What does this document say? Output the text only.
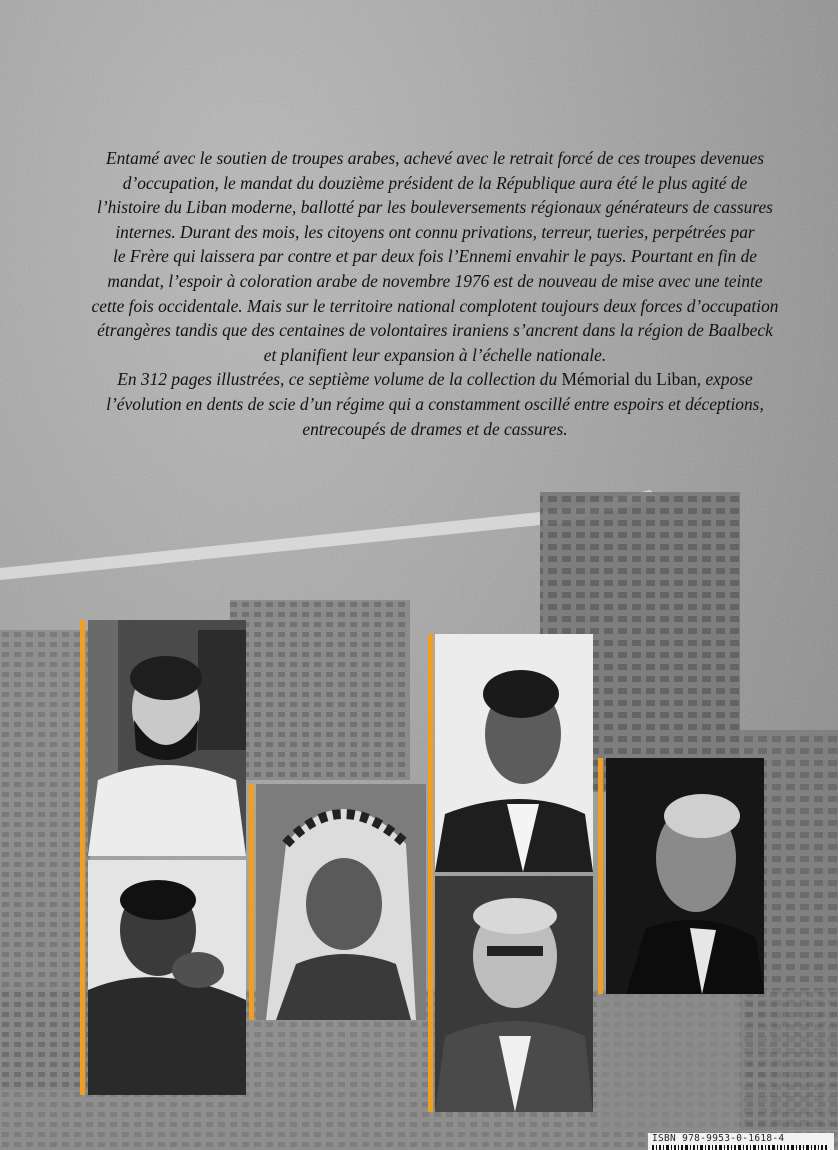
Entamé avec le soutien de troupes arabes, achevé avec le retrait forcé de ces troupes devenues

d’occupation, le mandat du douzième président de la République aura été le plus agité de

l’histoire du Liban moderne, ballotté par les bouleversements régionaux générateurs de cassures

internes. Durant des mois, les citoyens ont connu privations, terreur, tueries, perpétrées par

le Frère qui laissera par contre et par deux fois l’Ennemi envahir le pays. Pourtant en fin de

mandat, l’espoir à coloration arabe de novembre 1976 est de nouveau de mise avec une teinte

cette fois occidentale. Mais sur le territoire national complotent toujours deux forces d’occupation

étrangères tandis que des centaines de volontaires iraniens s’ancrent dans la région de Baalbeck

et planifient leur expansion à l’échelle nationale.

En 312 pages illustrées, ce septième volume de la collection du Mémorial du Liban, expose

l’évolution en dents de scie d’un régime qui a constamment oscillé entre espoirs et déceptions,

entrecoupés de drames et de cassures.

ISBN 978-9953-0-1618-4
